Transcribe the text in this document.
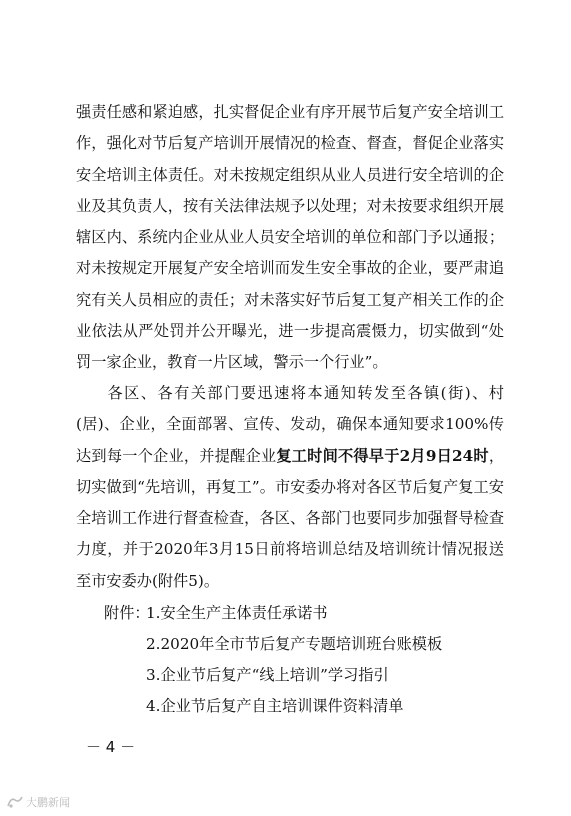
强责任感和紧迫感，扎实督促企业有序开展节后复产安全培训工作，强化对节后复产培训开展情况的检查、督查，督促企业落实安全培训主体责任。对未按规定组织从业人员进行安全培训的企业及其负责人，按有关法律法规予以处理；对未按要求组织开展辖区内、系统内企业从业人员安全培训的单位和部门予以通报；对未按规定开展复产安全培训而发生安全事故的企业，要严肃追究有关人员相应的责任；对未落实好节后复工复产相关工作的企业依法从严处罚并公开曝光，进一步提高震慑力，切实做到“处罚一家企业，教育一片区域，警示一个行业”。

各区、各有关部门要迅速将本通知转发至各镇(街)、村(居)、企业，全面部署、宣传、发动，确保本通知要求100%传达到每一个企业，并提醒企业复工时间不得早于2月9日24时，切实做到“先培训，再复工”。市安委办将对各区节后复产复工安全培训工作进行督查检查，各区、各部门也要同步加强督导检查力度，并于2020年3月15日前将培训总结及培训统计情况报送至市安委办(附件5)。

附件：
1.安全生产主体责任承诺书
2.2020年全市节后复产专题培训班台账模板
3.企业节后复产“线上培训”学习指引
4.企业节后复产自主培训课件资料清单
－ 4 －
大鹏新闻
